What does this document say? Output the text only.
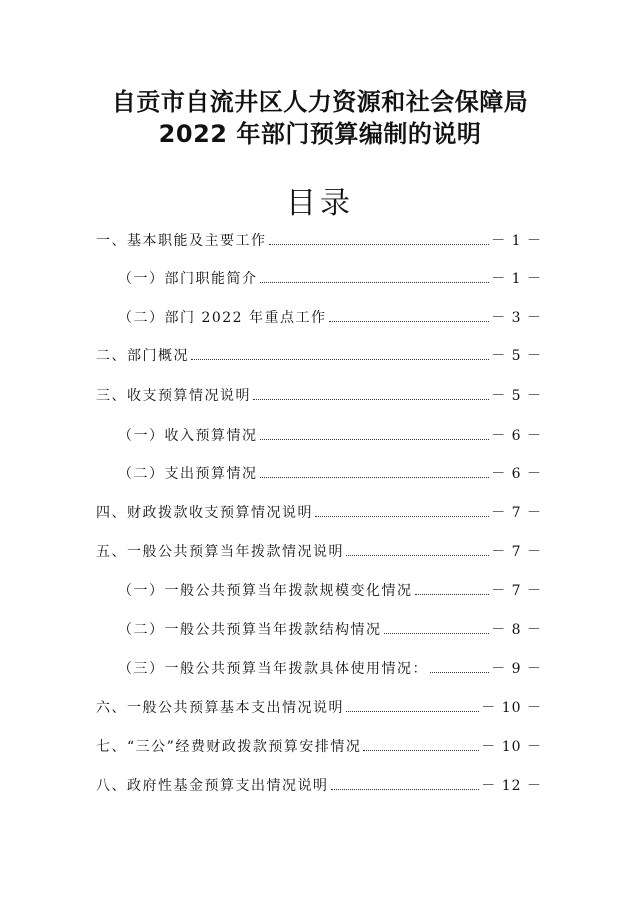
自贡市自流井区人力资源和社会保障局
2022 年部门预算编制的说明
目录
一、基本职能及主要工作	－ 1 －
（一）部门职能简介	－ 1 －
（二）部门 2022 年重点工作	－ 3 －
二、部门概况	－ 5 －
三、收支预算情况说明	－ 5 －
（一）收入预算情况	－ 6 －
（二）支出预算情况	－ 6 －
四、财政拨款收支预算情况说明	－ 7 －
五、一般公共预算当年拨款情况说明	－ 7 －
（一）一般公共预算当年拨款规模变化情况	－ 7 －
（二）一般公共预算当年拨款结构情况	－ 8 －
（三）一般公共预算当年拨款具体使用情况：	－ 9 －
六、一般公共预算基本支出情况说明	－ 10 －
七、“三公”经费财政拨款预算安排情况	－ 10 －
八、政府性基金预算支出情况说明	－ 12 －
